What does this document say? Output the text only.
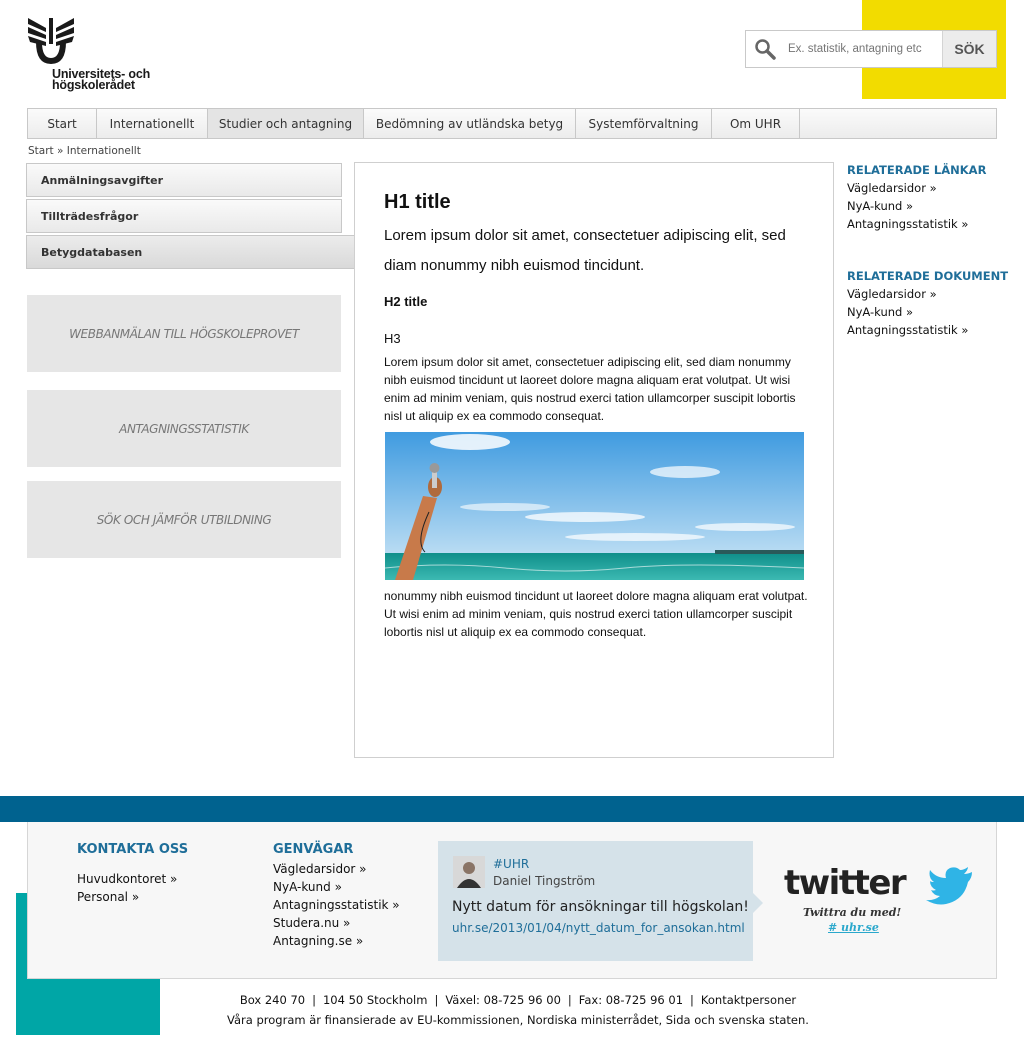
Universitets- och
högskolerådet
Ex. statistik, antagning etc
SÖK
Start	Internationellt	Studier och antagning	Bedömning av utländska betyg	Systemförvaltning	Om UHR
Start » Internationellt
Anmälningsavgifter
Tillträdesfrågor
Betygdatabasen
WEBBANMÄLAN TILL HÖGSKOLEPROVET
ANTAGNINGSSTATISTIK
SÖK OCH JÄMFÖR UTBILDNING
H1 title
Lorem ipsum dolor sit amet, consectetuer adipiscing elit, sed diam nonummy nibh euismod tincidunt.
H2 title
H3
Lorem ipsum dolor sit amet, consectetuer adipiscing elit, sed diam nonummy nibh euismod tincidunt ut laoreet dolore magna aliquam erat volutpat. Ut wisi enim ad minim veniam, quis nostrud exerci tation ullamcorper suscipit lobortis nisl ut aliquip ex ea commodo consequat.
nonummy nibh euismod tincidunt ut laoreet dolore magna aliquam erat volutpat. Ut wisi enim ad minim veniam, quis nostrud exerci tation ullamcorper suscipit lobortis nisl ut aliquip ex ea commodo consequat.
RELATERADE LÄNKAR
Vägledarsidor »
NyA-kund »
Antagningsstatistik »
RELATERADE DOKUMENT
Vägledarsidor »
NyA-kund »
Antagningsstatistik »
KONTAKTA OSS
Huvudkontoret »
Personal »
GENVÄGAR
Vägledarsidor »
NyA-kund »
Antagningsstatistik »
Studera.nu »
Antagning.se »
#UHR
Daniel Tingström
Nytt datum för ansökningar till högskolan!
uhr.se/2013/01/04/nytt_datum_for_ansokan.html
twitter
Twittra du med!
# uhr.se
Box 240 70 | 104 50 Stockholm | Växel: 08-725 96 00 | Fax: 08-725 96 01 | Kontaktpersoner
Våra program är finansierade av EU-kommissionen, Nordiska ministerrådet, Sida och svenska staten.
